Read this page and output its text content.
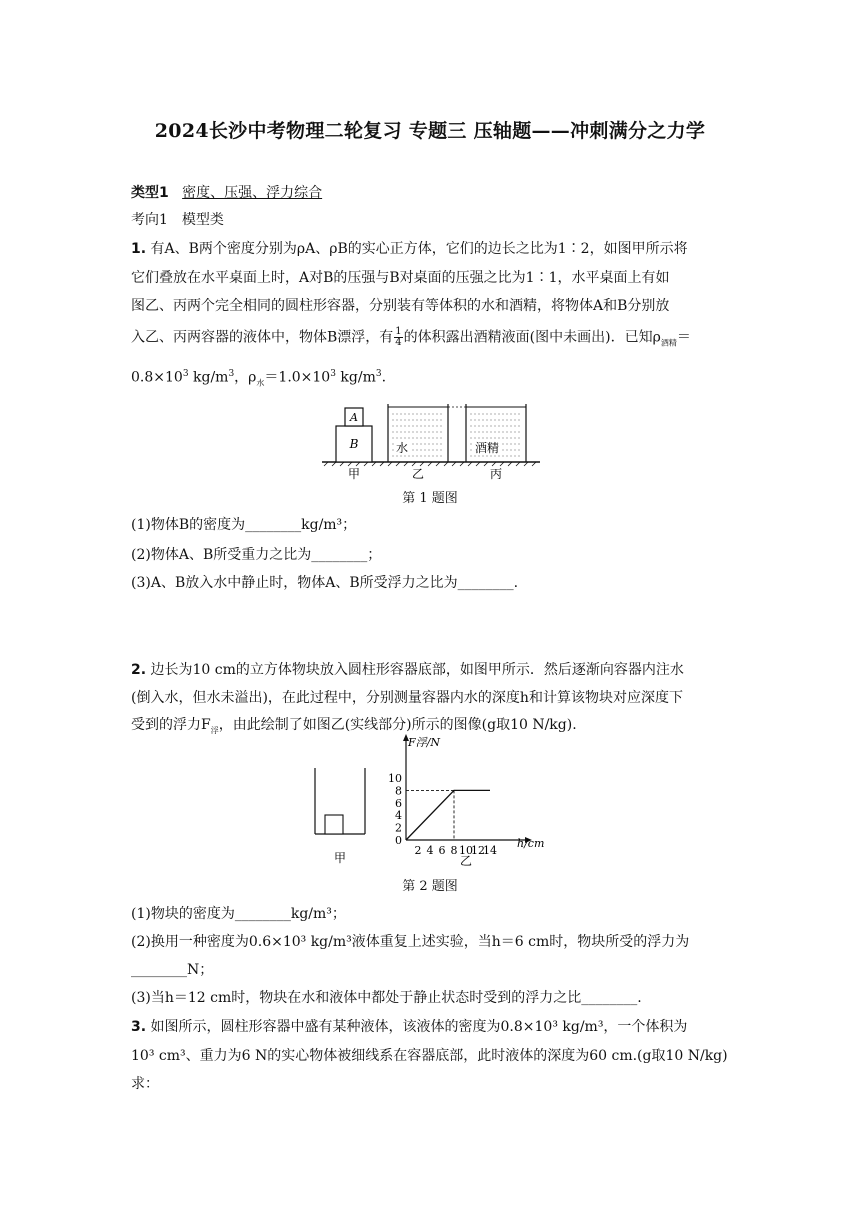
2024长沙中考物理二轮复习 专题三 压轴题——冲刺满分之力学
类型1 密度、压强、浮力综合
考向1　模型类
1. 有A、B两个密度分别为ρA、ρB的实心正方体，它们的边长之比为1∶2，如图甲所示将
它们叠放在水平桌面上时，A对B的压强与B对桌面的压强之比为1∶1，水平桌面上有如
图乙、丙两个完全相同的圆柱形容器，分别装有等体积的水和酒精，将物体A和B分别放
入乙、丙两容器的液体中，物体B漂浮，有 $\frac{1}{4}$ 的体积露出酒精液面(图中未画出)．已知$\rho_{酒精}=$
$0.8\times 10^3$ $kg/m^3$，$\rho_水=1.0\times 10^3$ $kg/m^3$.
A
B	水	酒精
甲	乙	丙
第 1 题图
(1)物体B的密度为________kg/m³；
(2)物体A、B所受重力之比为________；
(3)A、B放入水中静止时，物体A、B所受浮力之比为________.
2. 边长为10 cm的立方体物块放入圆柱形容器底部，如图甲所示．然后逐渐向容器内注水
(倒入水，但水未溢出)，在此过程中，分别测量容器内水的深度h和计算该物块对应深度下
受到的浮力$F_浮$，由此绘制了如图乙(实线部分)所示的图像(g取10 N/kg).
甲
0
2
4
6
8
10
2 4 6 8 10
12
14
F浮/N
h/cm
乙
第 2 题图
(1)物块的密度为________kg/m³；
(2)换用一种密度为0.6×10³ kg/m³液体重复上述实验，当h＝6 cm时，物块所受的浮力为
________N；
(3)当h＝12 cm时，物块在水和液体中都处于静止状态时受到的浮力之比________.
3. 如图所示，圆柱形容器中盛有某种液体，该液体的密度为0.8×10³ kg/m³，一个体积为
10³ cm³、重力为6 N的实心物体被细线系在容器底部，此时液体的深度为60 cm.(g取10 N/kg)
求：
